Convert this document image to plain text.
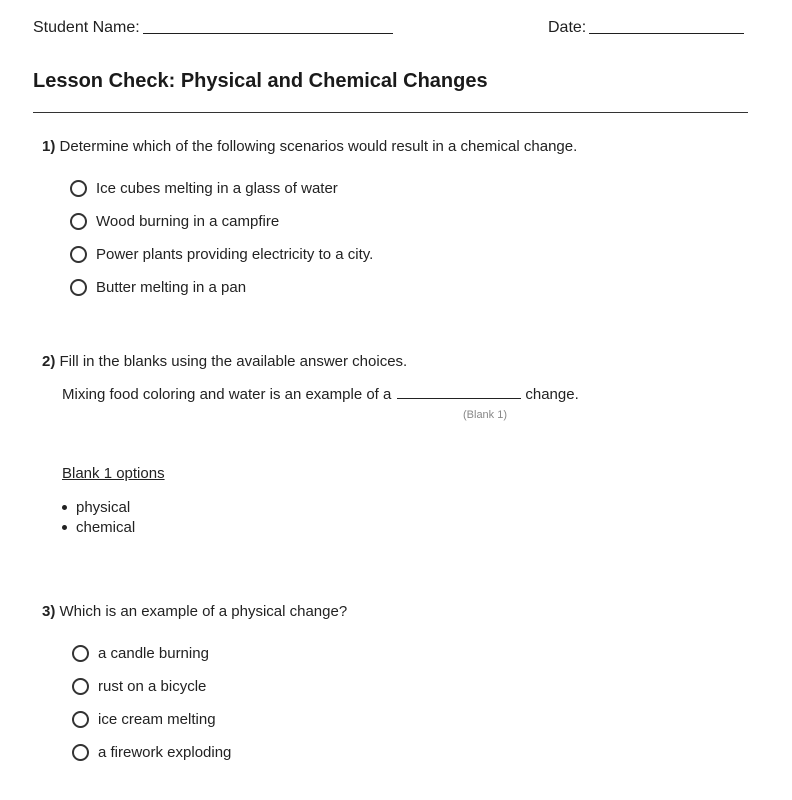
Student Name:	Date:
Lesson Check: Physical and Chemical Changes
1) Determine which of the following scenarios would result in a chemical change.
Ice cubes melting in a glass of water
Wood burning in a campfire
Power plants providing electricity to a city.
Butter melting in a pan
2) Fill in the blanks using the available answer choices.
Mixing food coloring and water is an example of a	change.
(Blank 1)
Blank 1 options
physical
chemical
3) Which is an example of a physical change?
a candle burning
rust on a bicycle
ice cream melting
a firework exploding
